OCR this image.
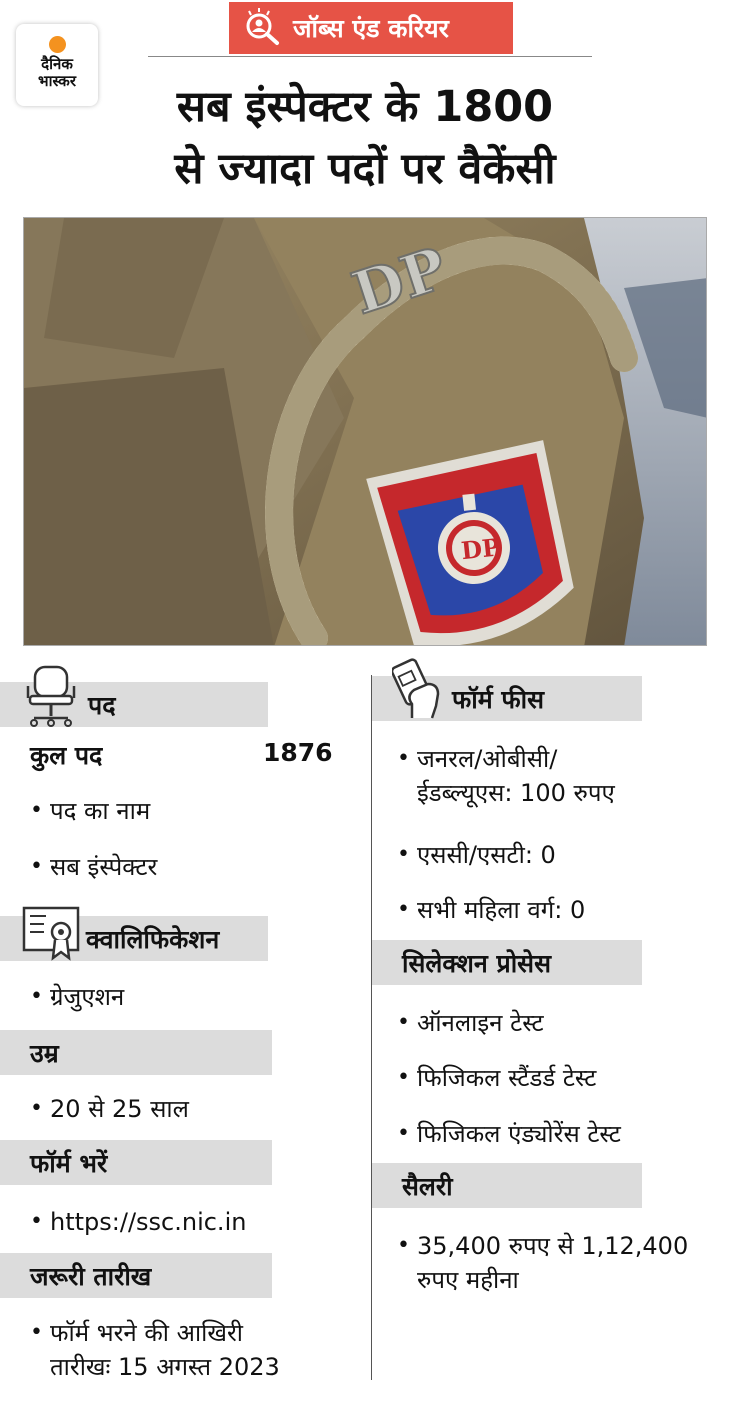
दैनिक
भास्कर
जॉब्स एंड करियर
सब इंस्पेक्टर के 1800
से ज्यादा पदों पर वैकेंसी
DP
DP
पद
कुल पद	1876
• पद का नाम
• सब इंस्पेक्टर
क्वालिफिकेशन
• ग्रेजुएशन
उम्र
• 20 से 25 साल
फॉर्म भरें
• https://ssc.nic.in
जरूरी तारीख
• फॉर्म भरने की आखिरी
तारीखः 15 अगस्त 2023
फॉर्म फीस
• जनरल/ओबीसी/
ईडब्ल्यूएस: 100 रुपए
• एससी/एसटी: 0
• सभी महिला वर्ग: 0
सिलेक्शन प्रोसेस
• ऑनलाइन टेस्ट
• फिजिकल स्टैंडर्ड टेस्ट
• फिजिकल एंड्योरेंस टेस्ट
सैलरी
• 35,400 रुपए से 1,12,400
रुपए महीना
